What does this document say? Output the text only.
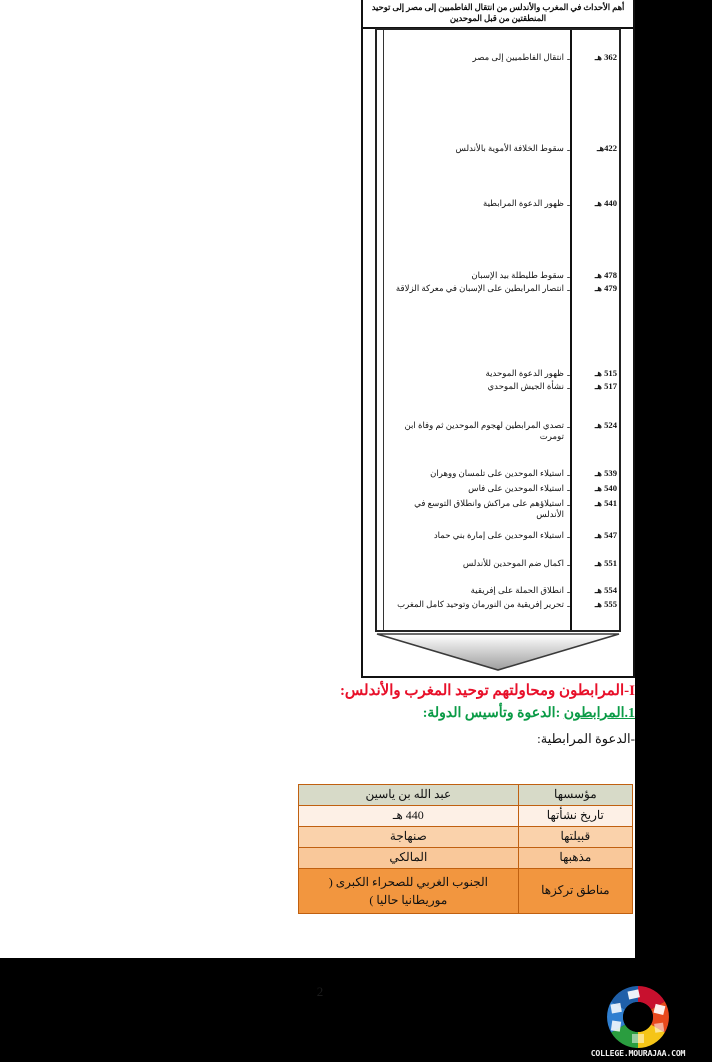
أهم الأحداث في المغرب والأندلس من انتقال الفاطميين إلى مصر إلى توحيد المنطقتين من قبل الموحدين
362 هـ
ـ
انتقال الفاطميين إلى مصر
422هـ
ـ
سقوط الخلافة الأموية بالأندلس
440 هـ
ـ
ظهور الدعوة المرابطية
478 هـ
ـ
سقوط طليطلة بيد الإسبان
479 هـ
ـ
انتصار المرابطين على الإسبان في معركة الزلاقة
515 هـ
ـ
ظهور الدعوة الموحدية
517 هـ
ـ
نشأة الجيش الموحدي
524 هـ
ـ
تصدي المرابطين لهجوم الموحدين ثم وفاة ابن تومرت
539 هـ
ـ
استيلاء الموحدين على تلمسان ووهران
540 هـ
ـ
استيلاء الموحدين على فاس
541 هـ
ـ
استيلاؤهم على مراكش وانطلاق التوسع في الأندلس
547 هـ
ـ
استيلاء الموحدين على إمارة بني حماد
551 هـ
ـ
اكمال ضم الموحدين للأندلس
554 هـ
ـ
انطلاق الحملة على إفريقية
555 هـ
ـ
تحرير إفريقية من النورمان وتوحيد كامل المغرب
I-المرابطون ومحاولتهم توحيد المغرب والأندلس:
1.المرابطون :الدعوة وتأسيس الدولة:
-الدعوة المرابطية:
مؤسسها	عبد الله بن ياسين
تاريخ نشأتها	440 هـ
قبيلتها	صنهاجة
مذهبها	المالكي
مناطق تركزها	الجنوب الغربي للصحراء الكبرى ( موريطانيا حاليا )
2
COLLEGE.MOURAJAA.COM
